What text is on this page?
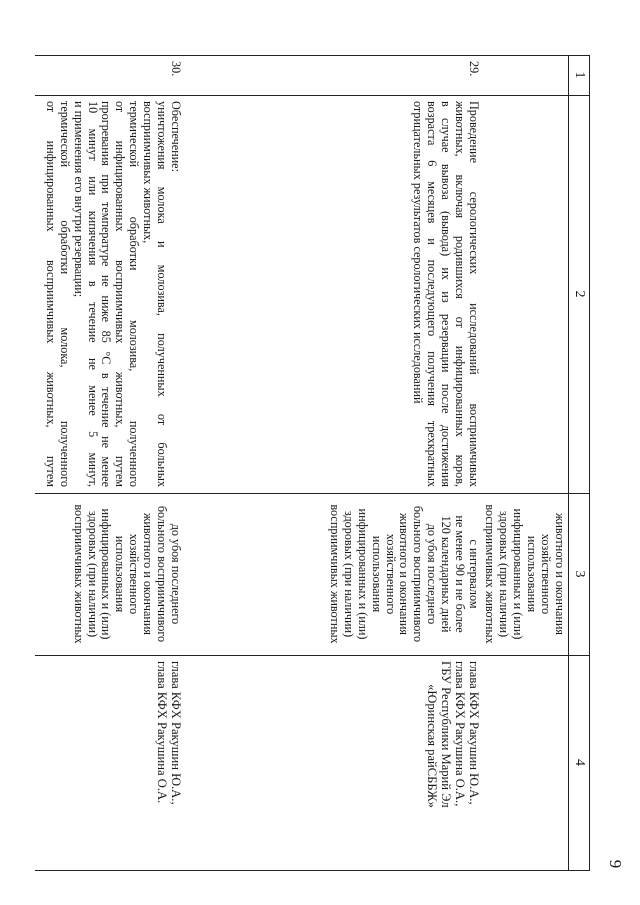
9
1
2
3
4
животного и окончания
хозяйственного
использования
инфицированных и (или)
здоровых (при наличии)
восприимчивых животных
29.
Проведение серологических исследований восприимчивых
животных, включая родившихся от инфицированных коров,
в случае вывоза (вывода) их из резервации после достижения
возраста 6 месяцев и последующего получения трехкратных
отрицательных результатов серологических исследований
с интервалом
не менее 90 и не более
120 календарных дней
до убоя последнего
больного восприимчивого
животного и окончания
хозяйственного
использования
инфицированных и (или)
здоровых (при наличии)
восприимчивых животных
глава КФХ Ракушин Ю.А.,
глава КФХ Ракушина О.А.,
ГБУ Республики Марий Эл
«Юринская райСББЖ»
30.
Обеспечение:
уничтожения молока и молозива, полученных от больных
восприимчивых животных,
термической обработки молозива, полученного
от инфицированных восприимчивых животных, путем
прогревания при температуре не ниже 85 °С в течение не менее
10 минут или кипячения в течение не менее 5 минут,
и применения его внутри резервации;
термической обработки молока, полученного
от инфицированных восприимчивых животных, путем
до убоя последнего
больного восприимчивого
животного и окончания
хозяйственного
использования
инфицированных и (или)
здоровых (при наличии)
восприимчивых животных
глава КФХ Ракушин Ю.А.,
глава КФХ Ракушина О.А.
